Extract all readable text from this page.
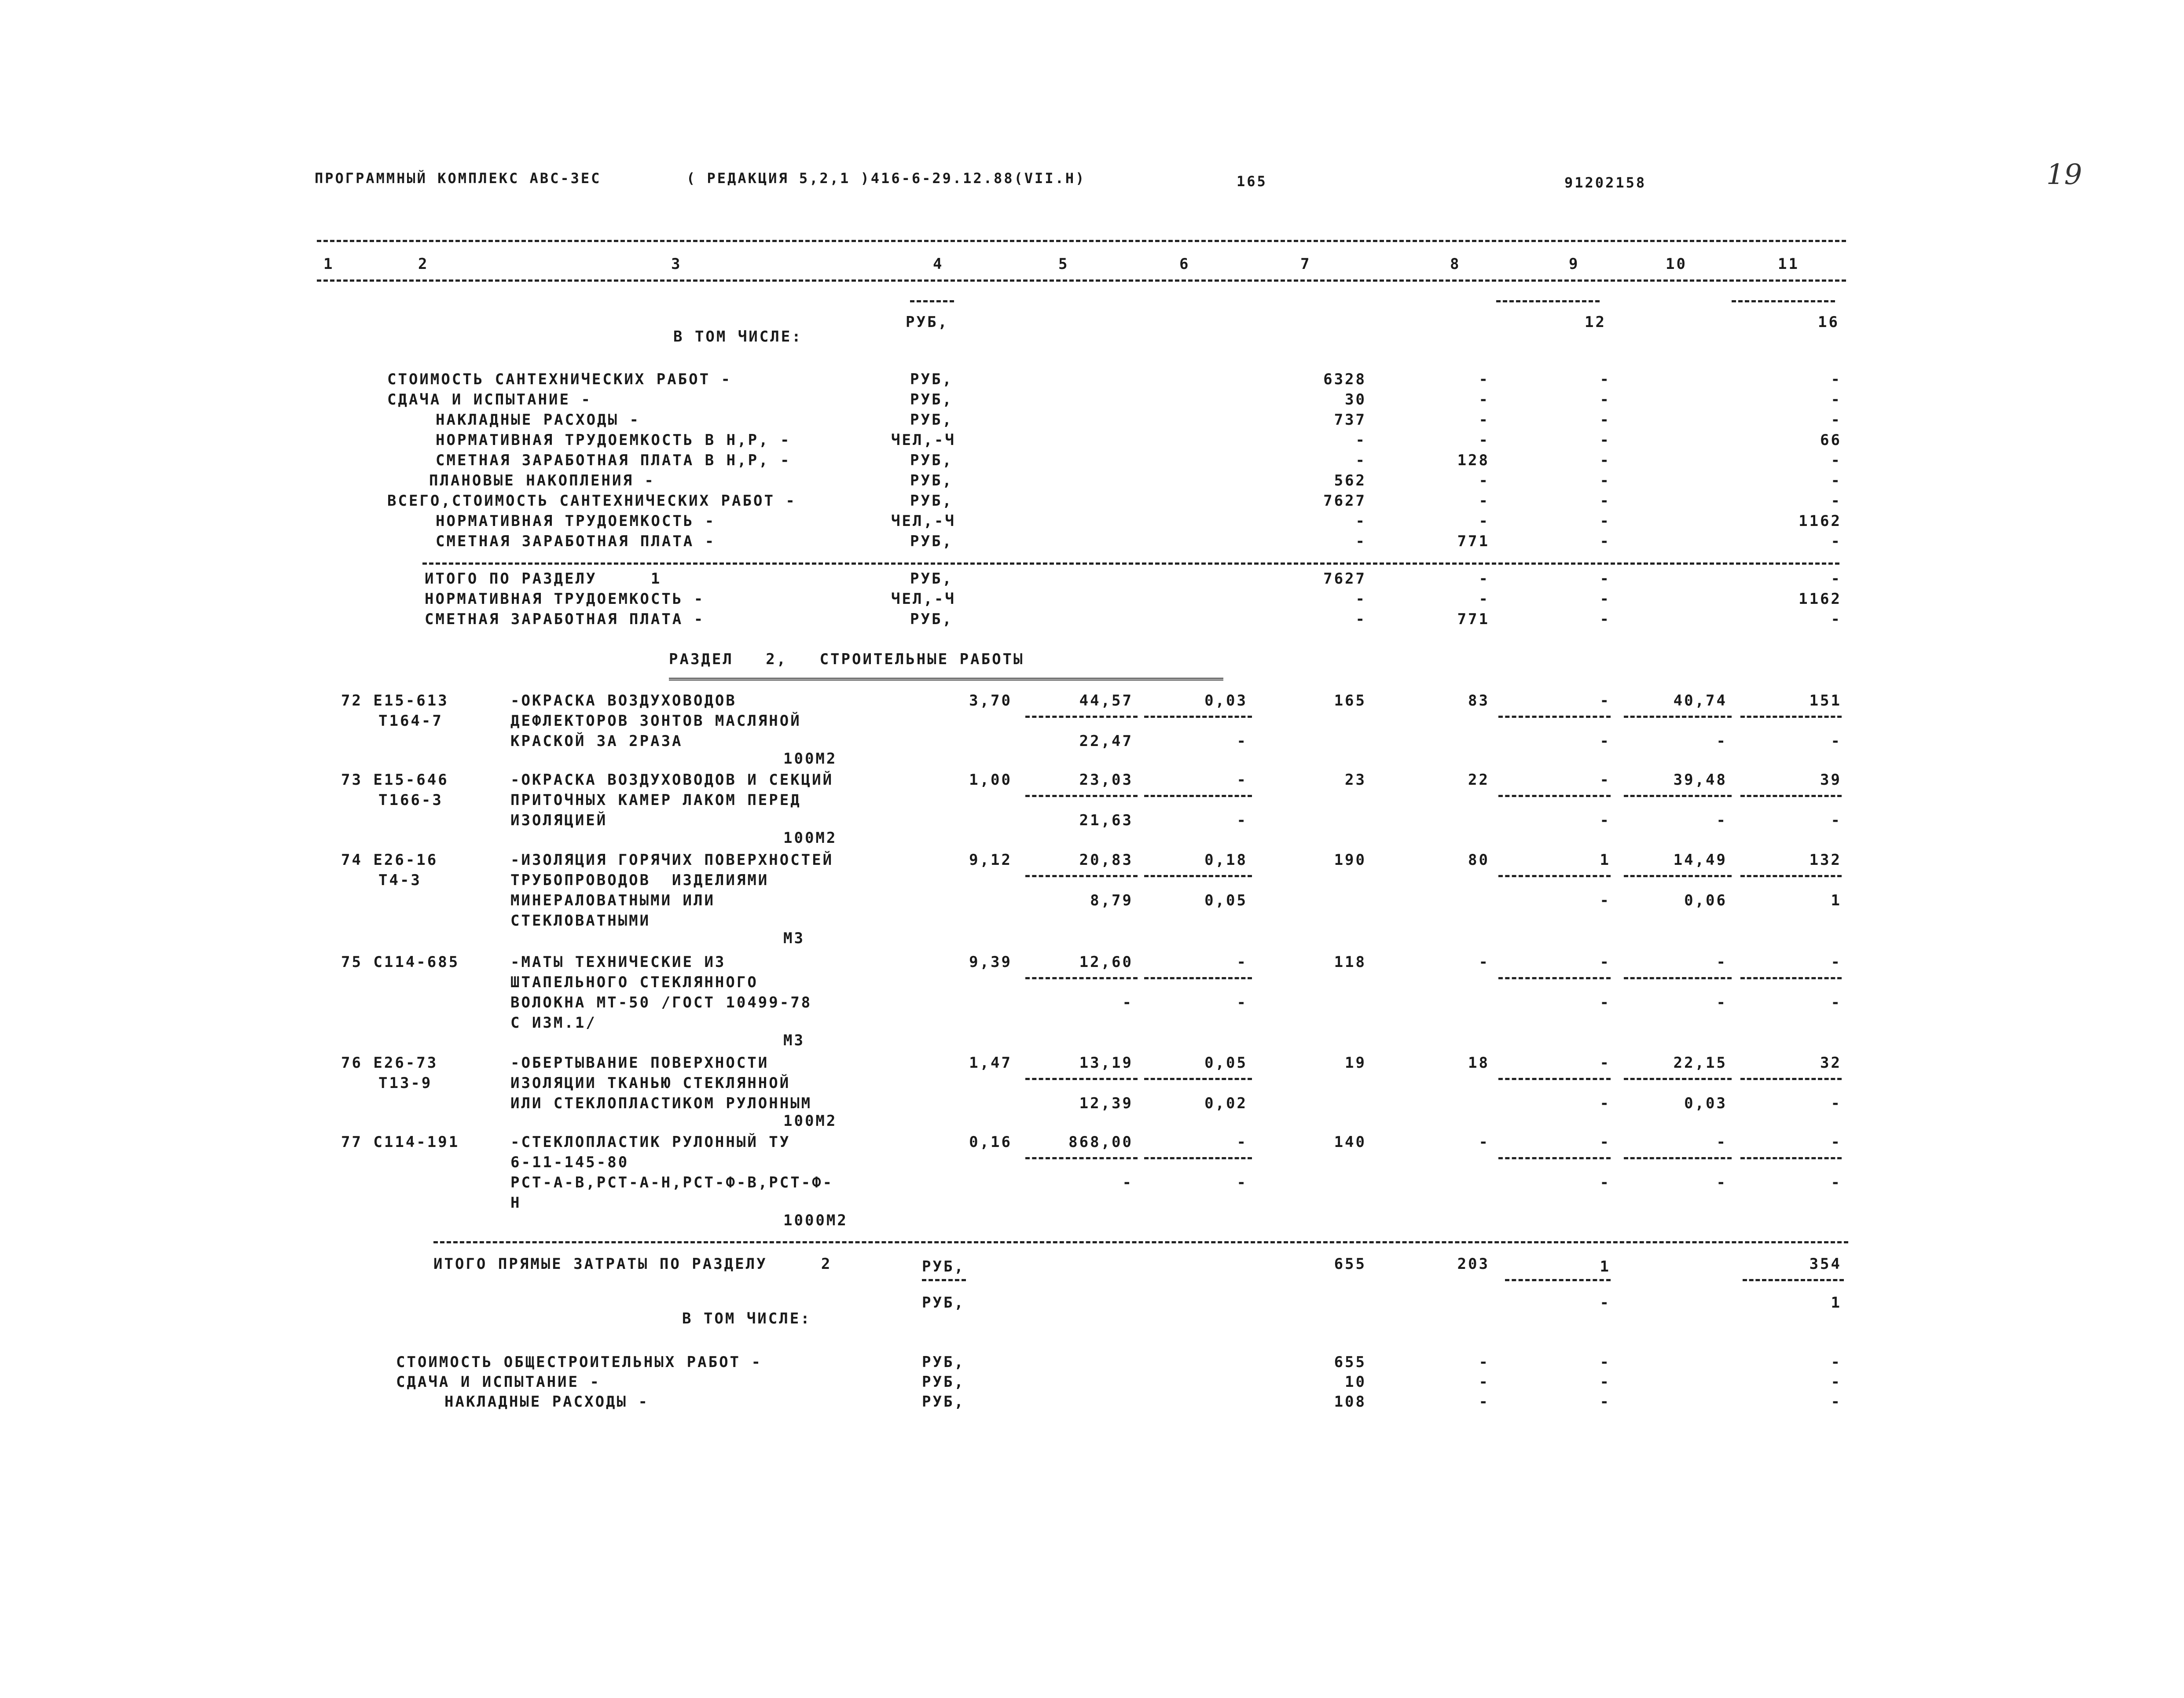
ПРОГРАММНЫЙ КОМПЛЕКС АВС-3ЕС	( РЕДАКЦИЯ 5,2,1 )416-6-29.12.88(VII.Н)	165	91202158	19
1	2	3	4	5	6	7	8	9	10	11
РУБ,	12	16
В ТОМ ЧИСЛЕ:
СТОИМОСТЬ САНТЕХНИЧЕСКИХ РАБОТ -	РУБ,	6328	-	-	-
СДАЧА И ИСПЫТАНИЕ -	РУБ,	30	-	-	-
НАКЛАДНЫЕ РАСХОДЫ -	РУБ,	737	-	-	-
НОРМАТИВНАЯ ТРУДОЕМКОСТЬ В Н,Р, -	ЧЕЛ,-Ч	-	-	-	66
СМЕТНАЯ ЗАРАБОТНАЯ ПЛАТА В Н,Р, -	РУБ,	-	128	-	-
ПЛАНОВЫЕ НАКОПЛЕНИЯ -	РУБ,	562	-	-	-
ВСЕГО,СТОИМОСТЬ САНТЕХНИЧЕСКИХ РАБОТ -	РУБ,	7627	-	-	-
НОРМАТИВНАЯ ТРУДОЕМКОСТЬ -	ЧЕЛ,-Ч	-	-	-	1162
СМЕТНАЯ ЗАРАБОТНАЯ ПЛАТА -	РУБ,	-	771	-	-
ИТОГО ПО РАЗДЕЛУ     1	РУБ,	7627	-	-	-
НОРМАТИВНАЯ ТРУДОЕМКОСТЬ -	ЧЕЛ,-Ч	-	-	-	1162
СМЕТНАЯ ЗАРАБОТНАЯ ПЛАТА -	РУБ,	-	771	-	-
РАЗДЕЛ   2,   СТРОИТЕЛЬНЫЕ РАБОТЫ
72 Е15-613
Т164-7
-ОКРАСКА ВОЗДУХОВОДОВ
ДЕФЛЕКТОРОВ ЗОНТОВ МАСЛЯНОЙ
КРАСКОЙ ЗА 2РАЗА
100М2
3,70	44,57	0,03	165	83	-	40,74	151
22,47	-	-	-	-
73 Е15-646
Т166-3
-ОКРАСКА ВОЗДУХОВОДОВ И СЕКЦИЙ
ПРИТОЧНЫХ КАМЕР ЛАКОМ ПЕРЕД
ИЗОЛЯЦИЕЙ
100М2
1,00	23,03	-	23	22	-	39,48	39
21,63	-	-	-	-
74 Е26-16
Т4-3
-ИЗОЛЯЦИЯ ГОРЯЧИХ ПОВЕРХНОСТЕЙ
ТРУБОПРОВОДОВ  ИЗДЕЛИЯМИ
МИНЕРАЛОВАТНЫМИ ИЛИ
СТЕКЛОВАТНЫМИ
М3
9,12	20,83	0,18	190	80	1	14,49	132
8,79	0,05	-	0,06	1
75 С114-685	-МАТЫ ТЕХНИЧЕСКИЕ ИЗ
ШТАПЕЛЬНОГО СТЕКЛЯННОГО
ВОЛОКНА МТ-50 /ГОСТ 10499-78
С ИЗМ.1/
М3
9,39	12,60	-	118	-	-	-	-
-	-	-	-	-
76 Е26-73
Т13-9
-ОБЕРТЫВАНИЕ ПОВЕРХНОСТИ
ИЗОЛЯЦИИ ТКАНЬЮ СТЕКЛЯННОЙ
ИЛИ СТЕКЛОПЛАСТИКОМ РУЛОННЫМ
100М2
1,47	13,19	0,05	19	18	-	22,15	32
12,39	0,02	-	0,03	-
77 С114-191	-СТЕКЛОПЛАСТИК РУЛОННЫЙ ТУ
6-11-145-80
РСТ-А-В,РСТ-А-Н,РСТ-Ф-В,РСТ-Ф-
Н
1000М2
0,16	868,00	-	140	-	-	-	-
-	-	-	-	-
ИТОГО ПРЯМЫЕ ЗАТРАТЫ ПО РАЗДЕЛУ     2	РУБ,	655	203	1	354
РУБ,	-	1
В ТОМ ЧИСЛЕ:
СТОИМОСТЬ ОБЩЕСТРОИТЕЛЬНЫХ РАБОТ -	РУБ,	655	-	-	-
СДАЧА И ИСПЫТАНИЕ -	РУБ,	10	-	-	-
НАКЛАДНЫЕ РАСХОДЫ -	РУБ,	108	-	-	-
